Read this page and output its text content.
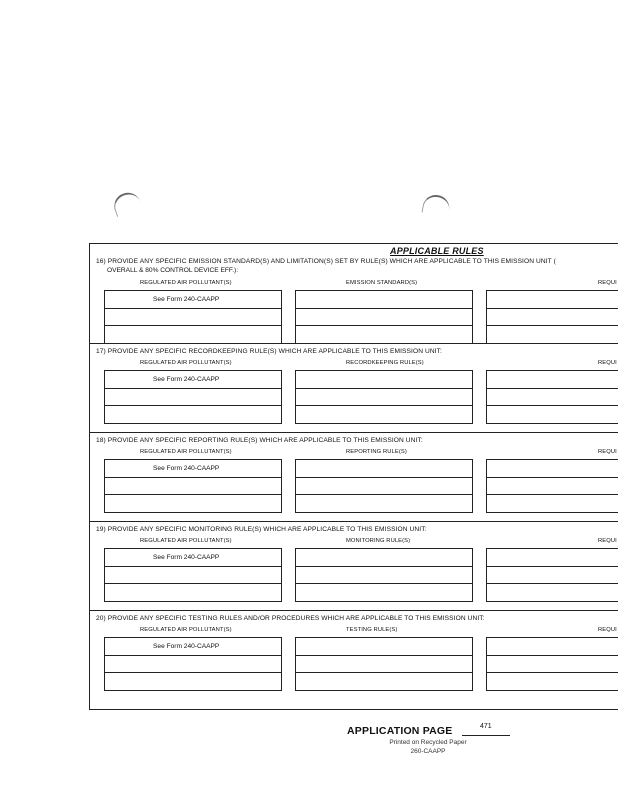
APPLICABLE RULES
16) PROVIDE ANY SPECIFIC EMISSION STANDARD(S) AND LIMITATION(S) SET BY RULE(S) WHICH ARE APPLICABLE TO THIS EMISSION UNIT (
OVERALL & 80% CONTROL DEVICE EFF.):
REGULATED AIR POLLUTANT(S)	EMISSION STANDARD(S)	REQUI
See Form 240-CAAPP
17) PROVIDE ANY SPECIFIC RECORDKEEPING RULE(S) WHICH ARE APPLICABLE TO THIS EMISSION UNIT:
REGULATED AIR POLLUTANT(S)	RECORDKEEPING RULE(S)	REQUI
See Form 240-CAAPP
18) PROVIDE ANY SPECIFIC REPORTING RULE(S) WHICH ARE APPLICABLE TO THIS EMISSION UNIT:
REGULATED AIR POLLUTANT(S)	REPORTING RULE(S)	REQUI
See Form 240-CAAPP
19) PROVIDE ANY SPECIFIC MONITORING RULE(S) WHICH ARE APPLICABLE TO THIS EMISSION UNIT:
REGULATED AIR POLLUTANT(S)	MONITORING RULE(S)	REQUI
See Form 240-CAAPP
20) PROVIDE ANY SPECIFIC TESTING RULES AND/OR PROCEDURES WHICH ARE APPLICABLE TO THIS EMISSION UNIT:
REGULATED AIR POLLUTANT(S)	TESTING RULE(S)	REQUI
See Form 240-CAAPP
APPLICATION PAGE	471
Printed on Recycled Paper
260-CAAPP
